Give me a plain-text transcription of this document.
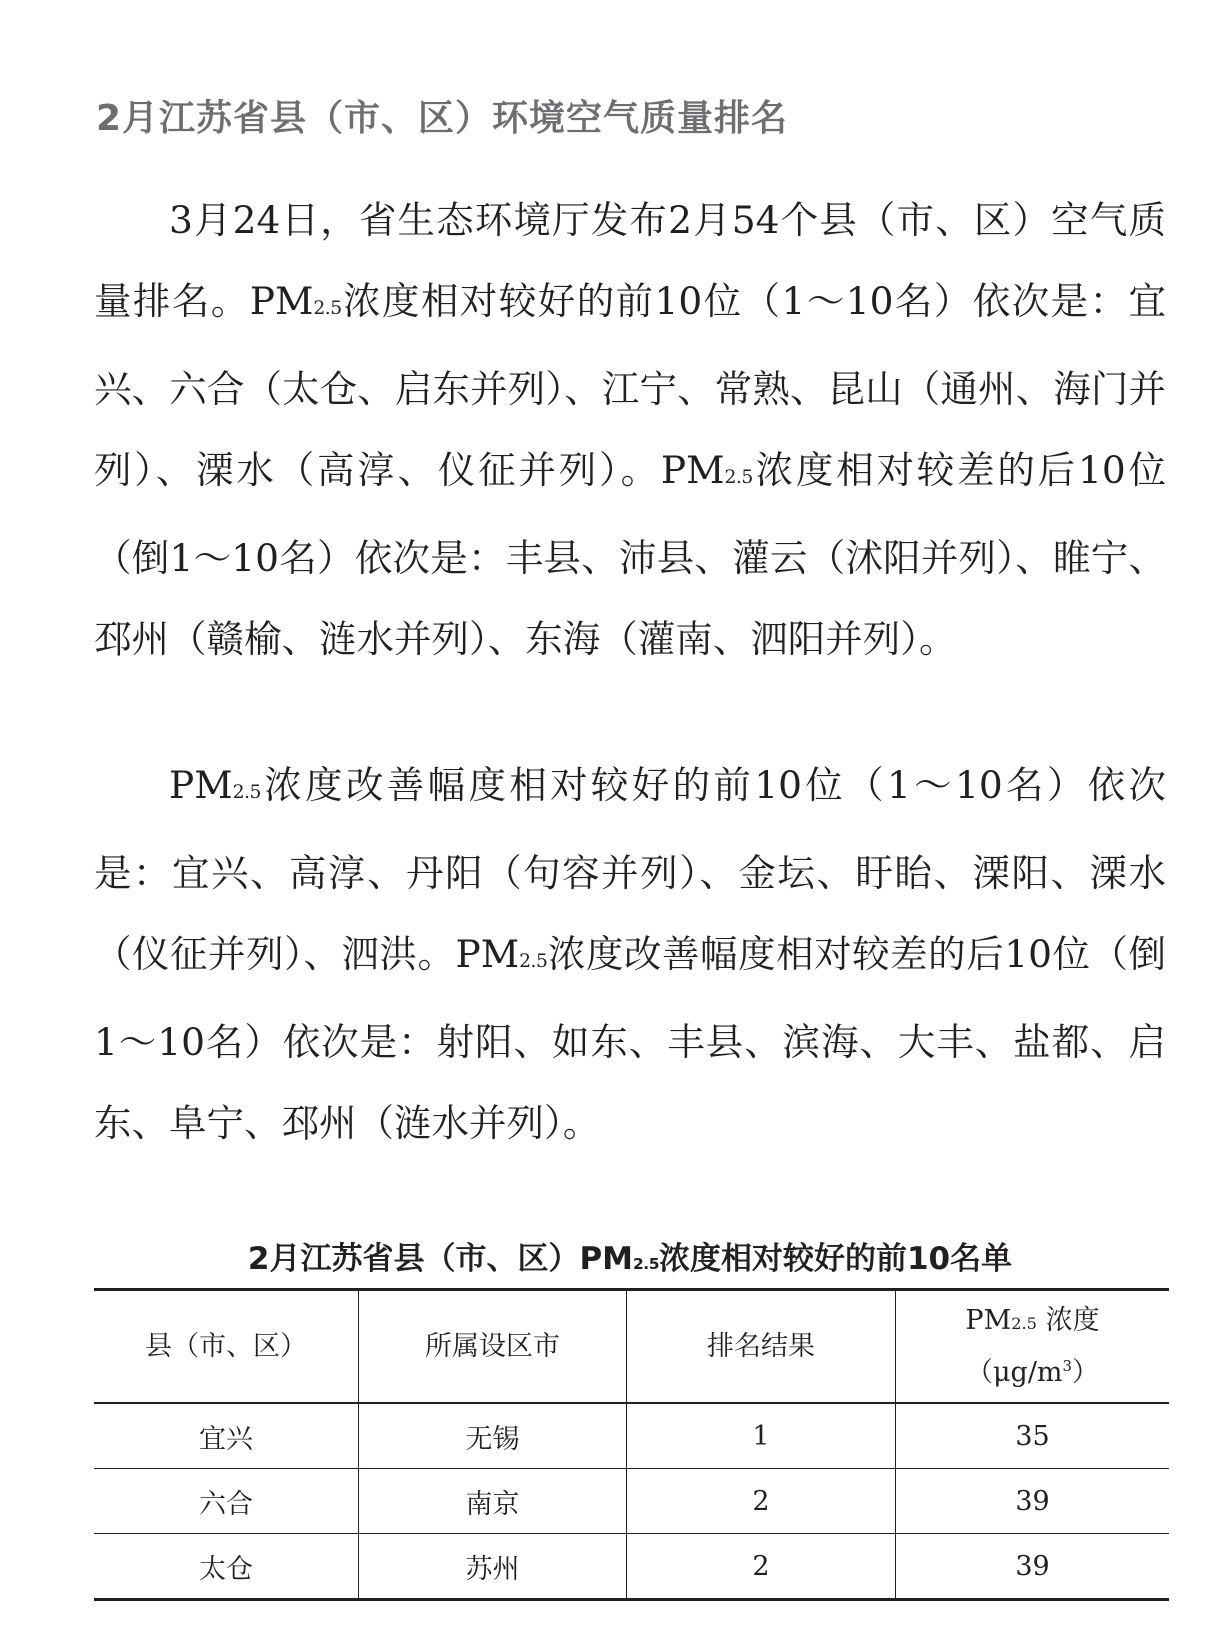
2月江苏省县（市、区）环境空气质量排名

3月24日，省生态环境厅发布2月54个县（市、区）空气质量排名。PM2.5浓度相对较好的前10位（1～10名）依次是：宜兴、六合（太仓、启东并列）、江宁、常熟、昆山（通州、海门并列）、溧水（高淳、仪征并列）。PM2.5浓度相对较差的后10位（倒1～10名）依次是：丰县、沛县、灌云（沭阳并列）、睢宁、邳州（赣榆、涟水并列）、东海（灌南、泗阳并列）。

PM2.5浓度改善幅度相对较好的前10位（1～10名）依次是：宜兴、高淳、丹阳（句容并列）、金坛、盱眙、溧阳、溧水（仪征并列）、泗洪。PM2.5浓度改善幅度相对较差的后10位（倒1～10名）依次是：射阳、如东、丰县、滨海、大丰、盐都、启东、阜宁、邳州（涟水并列）。

2月江苏省县（市、区）PM2.5浓度相对较好的前10名单
县（市、区）	所属设区市	排名结果	PM2.5 浓度
$(\mu g/m^3)$

宜兴	无锡	1	35
六合	南京	2	39
太仓	苏州	2	39
